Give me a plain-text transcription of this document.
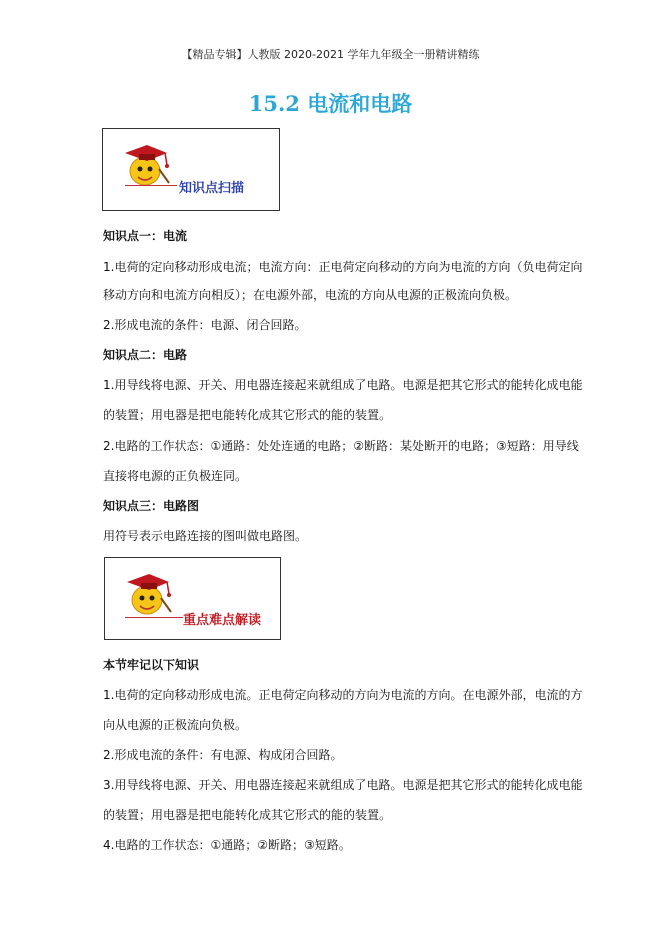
【精品专辑】人教版 2020-2021 学年九年级全一册精讲精练
15.2 电流和电路
知识点扫描
知识点一：电流
1.电荷的定向移动形成电流；电流方向：正电荷定向移动的方向为电流的方向（负电荷定向
移动方向和电流方向相反）；在电源外部，电流的方向从电源的正极流向负极。
2.形成电流的条件：电源、闭合回路。
知识点二：电路
1.用导线将电源、开关、用电器连接起来就组成了电路。电源是把其它形式的能转化成电能
的装置；用电器是把电能转化成其它形式的能的装置。
2.电路的工作状态：①通路：处处连通的电路；②断路：某处断开的电路；③短路：用导线
直接将电源的正负极连同。
知识点三：电路图
用符号表示电路连接的图叫做电路图。
重点难点解读
本节牢记以下知识
1.电荷的定向移动形成电流。正电荷定向移动的方向为电流的方向。在电源外部，电流的方
向从电源的正极流向负极。
2.形成电流的条件：有电源、构成闭合回路。
3.用导线将电源、开关、用电器连接起来就组成了电路。电源是把其它形式的能转化成电能
的装置；用电器是把电能转化成其它形式的能的装置。
4.电路的工作状态：①通路；②断路；③短路。
